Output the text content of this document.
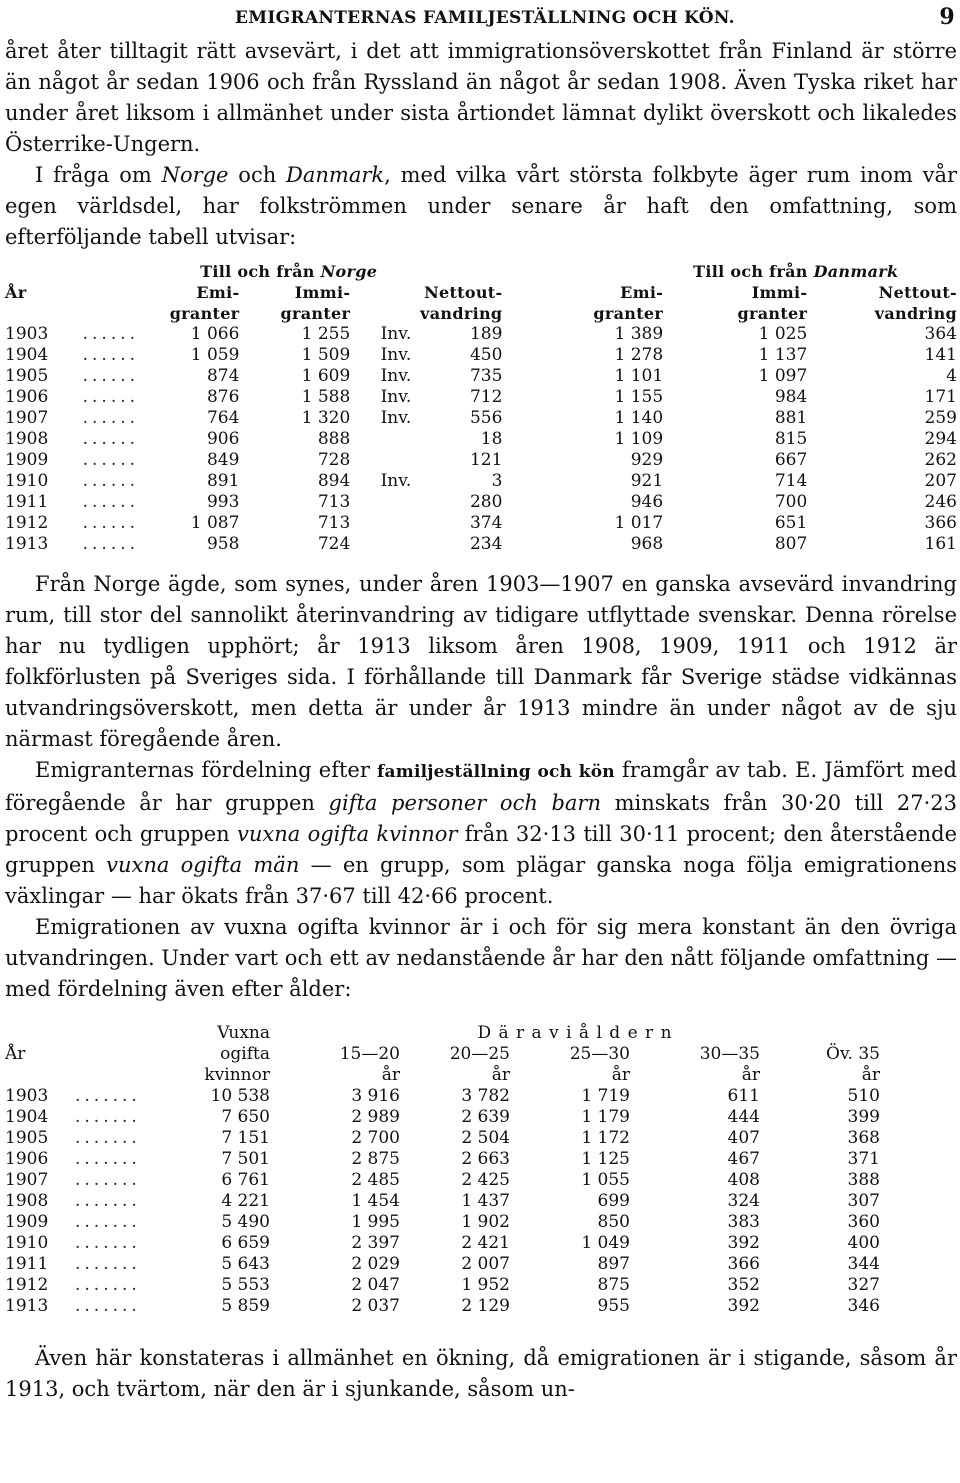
EMIGRANTERNAS FAMILJESTÄLLNING OCH KÖN.	9

året åter tilltagit rätt avsevärt, i det att immigrationsöverskottet från Finland är större än något år sedan 1906 och från Ryssland än något år sedan 1908. Även Tyska riket har under året liksom i allmänhet under sista årtiondet lämnat dylikt överskott och likaledes Österrike-Ungern.

I fråga om Norge och Danmark, med vilka vårt största folkbyte äger rum inom vår egen världsdel, har folkströmmen under senare år haft den omfattning, som efterföljande tabell utvisar:

		Till och från Norge					Till och från Danmark	
År		Emi-	Immi-		Nettout-	Emi-	Immi-	Nettout-
		granter	granter		vandring	granter	granter	vandring
1903	......	1 066	1 255	Inv.	189	1 389	1 025	364
1904	......	1 059	1 509	Inv.	450	1 278	1 137	141
1905	......	874	1 609	Inv.	735	1 101	1 097	4
1906	......	876	1 588	Inv.	712	1 155	984	171
1907	......	764	1 320	Inv.	556	1 140	881	259
1908	......	906	888		18	1 109	815	294
1909	......	849	728		121	929	667	262
1910	......	891	894	Inv.	3	921	714	207
1911	......	993	713		280	946	700	246
1912	......	1 087	713		374	1 017	651	366
1913	......	958	724		234	968	807	161

Från Norge ägde, som synes, under åren 1903—1907 en ganska avsevärd invandring rum, till stor del sannolikt återinvandring av tidigare utflyttade svenskar. Denna rörelse har nu tydligen upphört; år 1913 liksom åren 1908, 1909, 1911 och 1912 är folkförlusten på Sveriges sida. I förhållande till Danmark får Sverige städse vidkännas utvandringsöverskott, men detta är under år 1913 mindre än under något av de sju närmast föregående åren.

Emigranternas fördelning efter familjeställning och kön framgår av tab. E. Jämfört med föregående år har gruppen gifta personer och barn minskats från 30·20 till 27·23 procent och gruppen vuxna ogifta kvinnor från 32·13 till 30·11 procent; den återstående gruppen vuxna ogifta män — en grupp, som plägar ganska noga följa emigrationens växlingar — har ökats från 37·67 till 42·66 procent.

Emigrationen av vuxna ogifta kvinnor är i och för sig mera konstant än den övriga utvandringen. Under vart och ett av nedanstående år har den nått följande omfattning — med fördelning även efter ålder:

		Vuxna	D ä r a v i å l d e r n					
År		ogifta	15—20	20—25	25—30	30—35	Öv. 35	
		kvinnor	år	år	år	år	år	
1903	.......	10 538	3 916	3 782	1 719	611	510	
1904	.......	7 650	2 989	2 639	1 179	444	399	
1905	.......	7 151	2 700	2 504	1 172	407	368	
1906	.......	7 501	2 875	2 663	1 125	467	371	
1907	.......	6 761	2 485	2 425	1 055	408	388	
1908	.......	4 221	1 454	1 437	699	324	307	
1909	.......	5 490	1 995	1 902	850	383	360	
1910	.......	6 659	2 397	2 421	1 049	392	400	
1911	.......	5 643	2 029	2 007	897	366	344	
1912	.......	5 553	2 047	1 952	875	352	327	
1913	.......	5 859	2 037	2 129	955	392	346	

Även här konstateras i allmänhet en ökning, då emigrationen är i stigande, såsom år 1913, och tvärtom, när den är i sjunkande, såsom un-
